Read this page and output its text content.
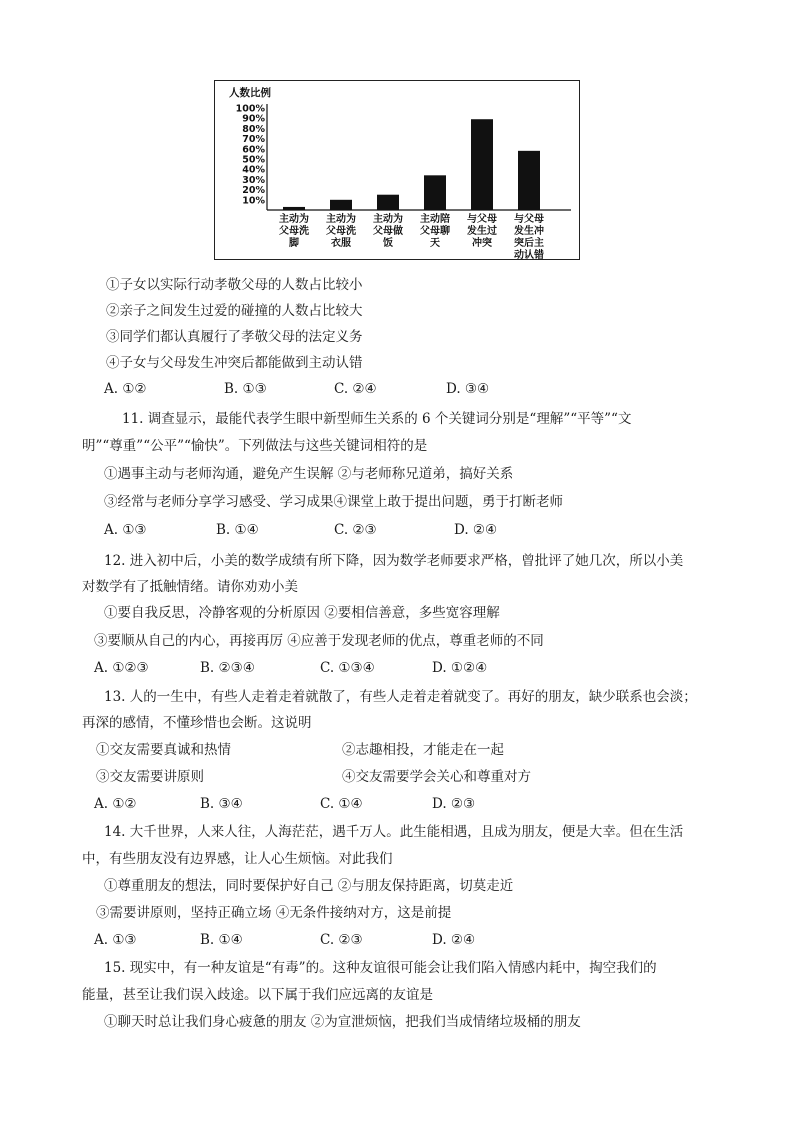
人数比例
100%
90%
80%
70%
60%
50%
40%
30%
20%
10%
主动为
父母洗
脚
主动为
父母洗
衣服
主动为
父母做
饭
主动陪
父母聊
天
与父母
发生过
冲突
与父母
发生冲
突后主
动认错
①子女以实际行动孝敬父母的人数占比较小
②亲子之间发生过爱的碰撞的人数占比较大
③同学们都认真履行了孝敬父母的法定义务
④子女与父母发生冲突后都能做到主动认错
A. ①②	B. ①③	C. ②④	D. ③④
11. 调查显示，最能代表学生眼中新型师生关系的 6 个关键词分别是“理解”“平等”“文
明”“尊重”“公平”“愉快”。下列做法与这些关键词相符的是
①遇事主动与老师沟通，避免产生误解 ②与老师称兄道弟，搞好关系
③经常与老师分享学习感受、学习成果④课堂上敢于提出问题，勇于打断老师
A. ①③	B. ①④	C. ②③	D. ②④
12. 进入初中后，小美的数学成绩有所下降，因为数学老师要求严格，曾批评了她几次，所以小美
对数学有了抵触情绪。请你劝劝小美
①要自我反思，冷静客观的分析原因 ②要相信善意，多些宽容理解
③要顺从自己的内心，再接再厉 ④应善于发现老师的优点，尊重老师的不同
A. ①②③	B. ②③④	C. ①③④	D. ①②④
13. 人的一生中，有些人走着走着就散了，有些人走着走着就变了。再好的朋友，缺少联系也会淡；
再深的感情，不懂珍惜也会断。这说明
①交友需要真诚和热情	②志趣相投，才能走在一起
③交友需要讲原则	④交友需要学会关心和尊重对方
A. ①②	B. ③④	C. ①④	D. ②③
14. 大千世界，人来人往，人海茫茫，遇千万人。此生能相遇，且成为朋友，便是大幸。但在生活
中，有些朋友没有边界感，让人心生烦恼。对此我们
①尊重朋友的想法，同时要保护好自己 ②与朋友保持距离，切莫走近
③需要讲原则，坚持正确立场 ④无条件接纳对方，这是前提
A. ①③	B. ①④	C. ②③	D. ②④
15. 现实中，有一种友谊是“有毒”的。这种友谊很可能会让我们陷入情感内耗中，掏空我们的
能量，甚至让我们误入歧途。以下属于我们应远离的友谊是
①聊天时总让我们身心疲惫的朋友 ②为宣泄烦恼，把我们当成情绪垃圾桶的朋友
